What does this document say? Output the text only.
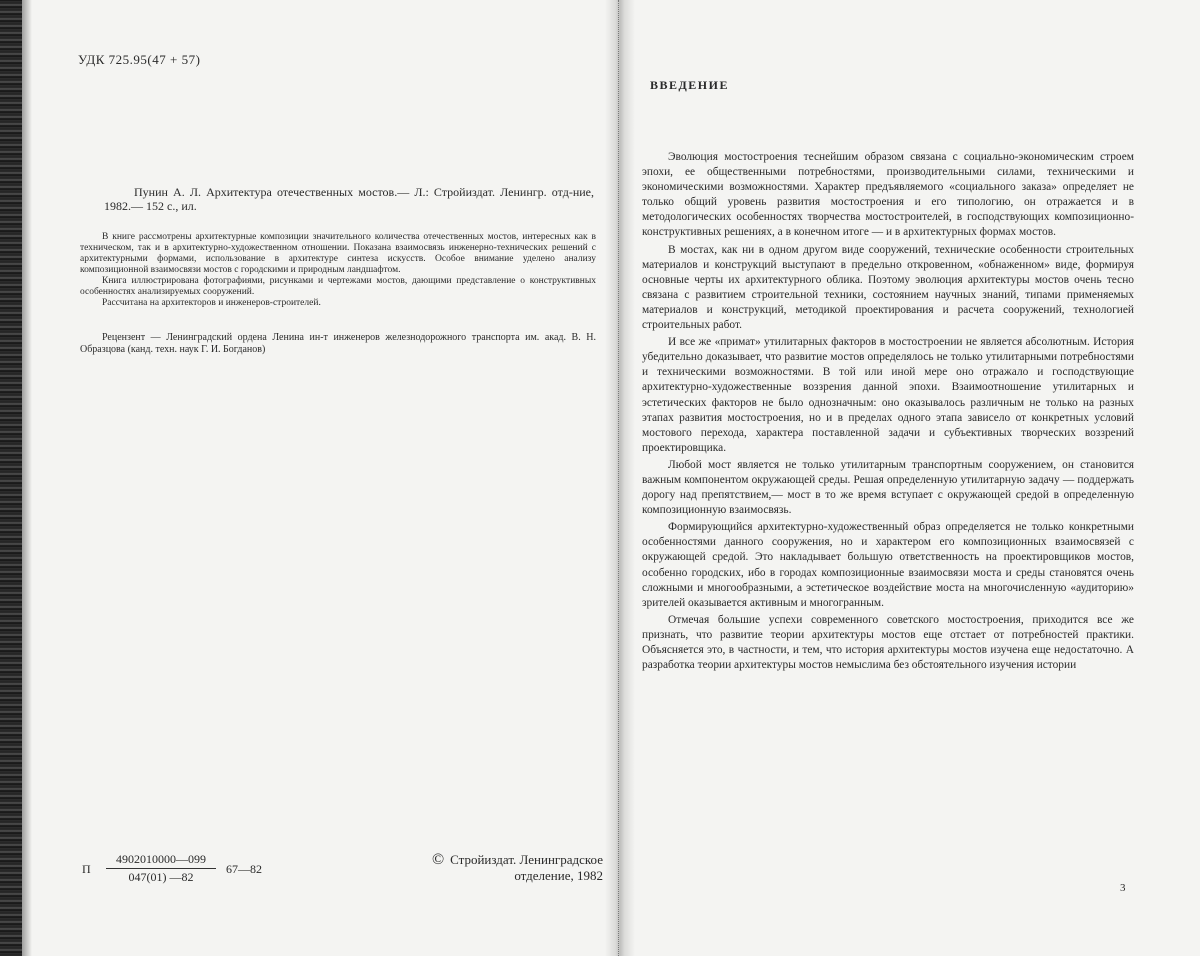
УДК 725.95(47 + 57)
Пунин А. Л. Архитектура отечественных мостов.— Л.: Стройиздат. Ленингр. отд-ние, 1982.— 152 с., ил.

В книге рассмотрены архитектурные композиции значительного количества отечественных мостов, интересных как в техническом, так и в архитектурно-художественном отношении. Показана взаимосвязь инженерно-технических решений с архитектурными формами, использование в архитектуре синтеза искусств. Особое внимание уделено анализу композиционной взаимосвязи мостов с городскими и природным ландшафтом.

Книга иллюстрирована фотографиями, рисунками и чертежами мостов, дающими представление о конструктивных особенностях анализируемых сооружений.

Рассчитана на архитекторов и инженеров-строителей.

Рецензент — Ленинградский ордена Ленина ин-т инженеров железнодорожного транспорта им. акад. В. Н. Образцова (канд. техн. наук Г. И. Богданов)
П
4902010000—099
047(01) —82
67—82
© Стройиздат. Ленинградское
отделение, 1982
ВВЕДЕНИЕ

Эволюция мостостроения теснейшим образом связана с социально-экономическим строем эпохи, ее общественными потребностями, производительными силами, техническими и экономическими возможностями. Характер предъявляемого «социального заказа» определяет не только общий уровень развития мостостроения и его типологию, он отражается и в методологических особенностях творчества мостостроителей, в господствующих композиционно-конструктивных решениях, а в конечном итоге — и в архитектурных формах мостов.

В мостах, как ни в одном другом виде сооружений, технические особенности строительных материалов и конструкций выступают в предельно откровенном, «обнаженном» виде, формируя основные черты их архитектурного облика. Поэтому эволюция архитектуры мостов очень тесно связана с развитием строительной техники, состоянием научных знаний, типами применяемых материалов и конструкций, методикой проектирования и расчета сооружений, технологией строительных работ.

И все же «примат» утилитарных факторов в мостостроении не является абсолютным. История убедительно доказывает, что развитие мостов определялось не только утилитарными потребностями и техническими возможностями. В той или иной мере оно отражало и господствующие архитектурно-художественные воззрения данной эпохи. Взаимоотношение утилитарных и эстетических факторов не было однозначным: оно оказывалось различным не только на разных этапах развития мостостроения, но и в пределах одного этапа зависело от конкретных условий мостового перехода, характера поставленной задачи и субъективных творческих воззрений проектировщика.

Любой мост является не только утилитарным транспортным сооружением, он становится важным компонентом окружающей среды. Решая определенную утилитарную задачу — поддержать дорогу над препятствием,— мост в то же время вступает с окружающей средой в определенную композиционную взаимосвязь.

Формирующийся архитектурно-художественный образ определяется не только конкретными особенностями данного сооружения, но и характером его композиционных взаимосвязей с окружающей средой. Это накладывает большую ответственность на проектировщиков мостов, особенно городских, ибо в городах композиционные взаимосвязи моста и среды становятся очень сложными и многообразными, а эстетическое воздействие моста на многочисленную «аудиторию» зрителей оказывается активным и многогранным.

Отмечая большие успехи современного советского мостостроения, приходится все же признать, что развитие теории архитектуры мостов еще отстает от потребностей практики. Объясняется это, в частности, и тем, что история архитектуры мостов изучена еще недостаточно. А разработка теории архитектуры мостов немыслима без обстоятельного изучения истории

3
